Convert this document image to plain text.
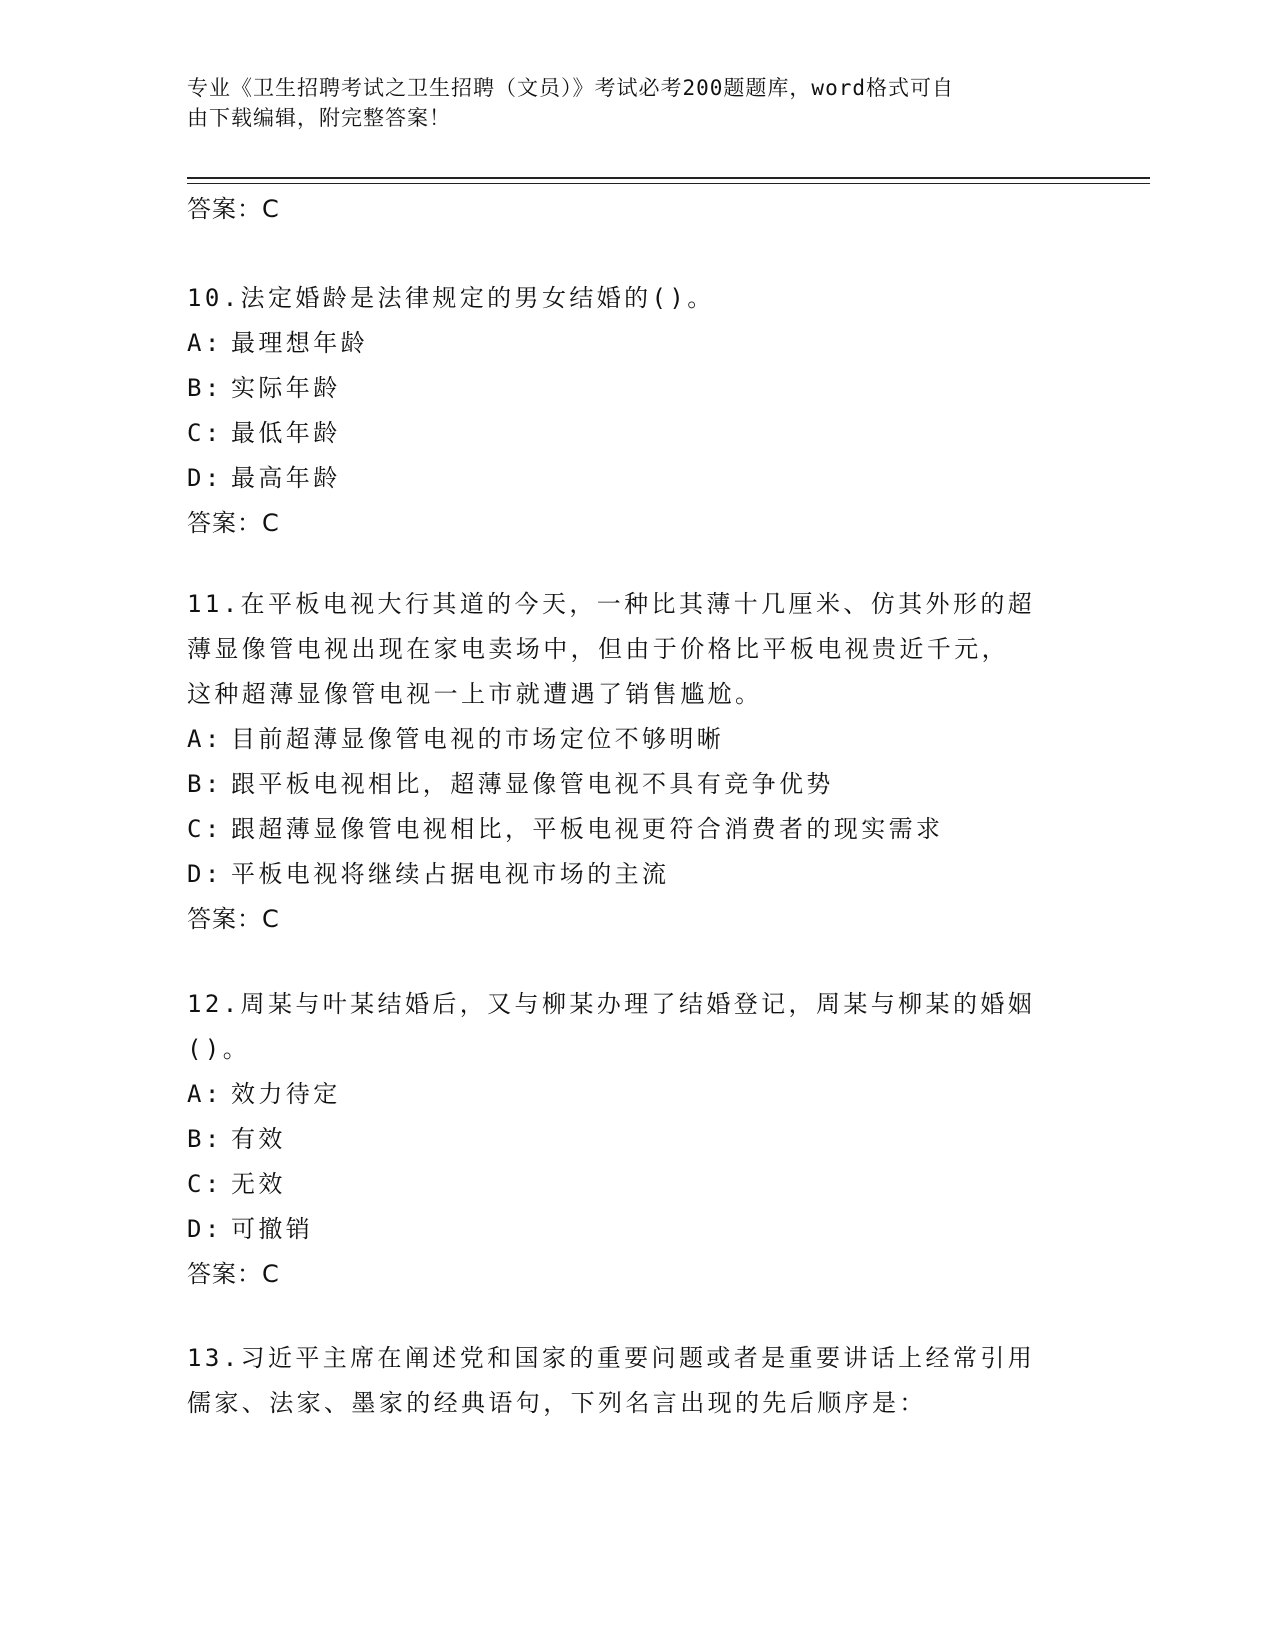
专业《卫生招聘考试之卫生招聘（文员）》考试必考200题题库，word格式可自
由下载编辑，附完整答案！
答案：C
10.法定婚龄是法律规定的男女结婚的()。
A: 最理想年龄
B: 实际年龄
C: 最低年龄
D: 最高年龄
答案：C
11.在平板电视大行其道的今天，一种比其薄十几厘米、仿其外形的超
薄显像管电视出现在家电卖场中，但由于价格比平板电视贵近千元，
这种超薄显像管电视一上市就遭遇了销售尴尬。
A: 目前超薄显像管电视的市场定位不够明晰
B: 跟平板电视相比，超薄显像管电视不具有竞争优势
C: 跟超薄显像管电视相比，平板电视更符合消费者的现实需求
D: 平板电视将继续占据电视市场的主流
答案：C
12.周某与叶某结婚后，又与柳某办理了结婚登记，周某与柳某的婚姻
()。
A: 效力待定
B: 有效
C: 无效
D: 可撤销
答案：C
13.习近平主席在阐述党和国家的重要问题或者是重要讲话上经常引用
儒家、法家、墨家的经典语句，下列名言出现的先后顺序是：
